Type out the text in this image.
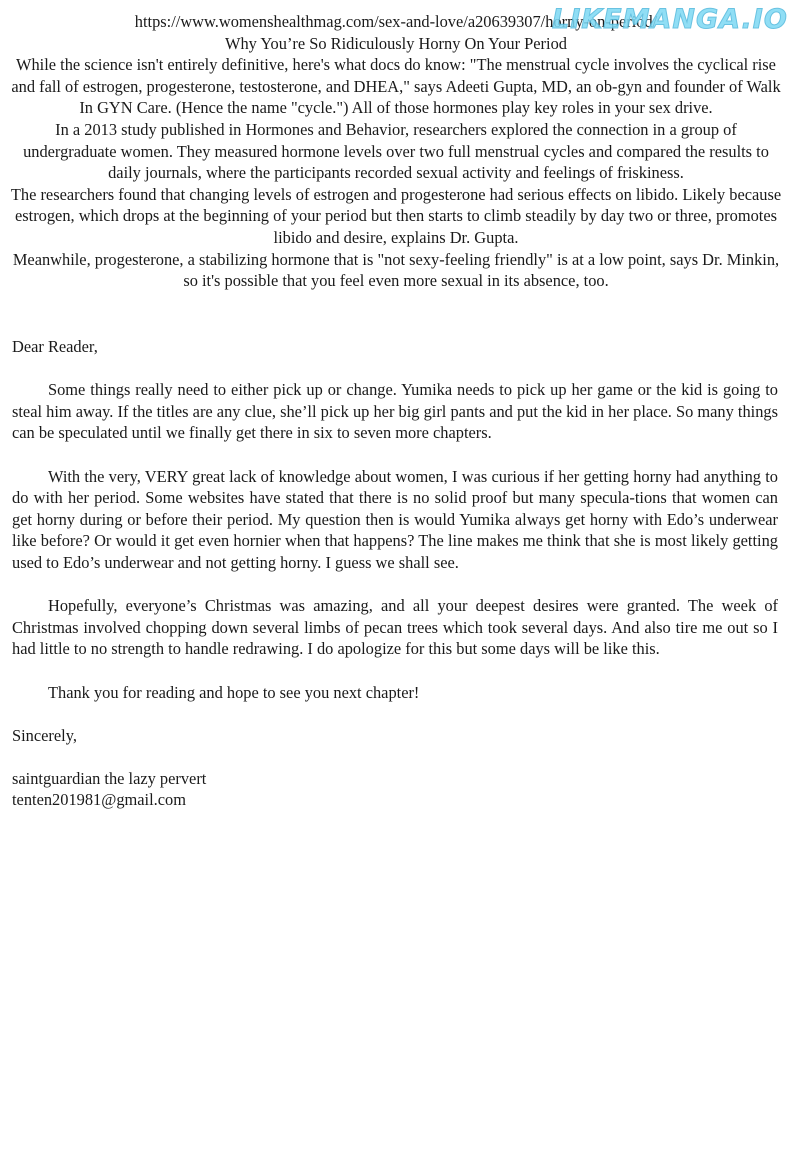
https://www.womenshealthmag.com/sex-and-love/a20639307/horny-on-period/

Why You’re So Ridiculously Horny On Your Period

While the science isn't entirely definitive, here's what docs do know: "The menstrual cycle involves the cyclical rise and fall of estrogen, progesterone, testosterone, and DHEA," says Adeeti Gupta, MD, an ob-gyn and founder of Walk In GYN Care. (Hence the name "cycle.") All of those hormones play key roles in your sex drive.

In a 2013 study published in Hormones and Behavior, researchers explored the connection in a group of undergraduate women. They measured hormone levels over two full menstrual cycles and compared the results to daily journals, where the participants recorded sexual activity and feelings of friskiness.

The researchers found that changing levels of estrogen and progesterone had serious effects on libido. Likely because estrogen, which drops at the beginning of your period but then starts to climb steadily by day two or three, promotes libido and desire, explains Dr. Gupta.

Meanwhile, progesterone, a stabilizing hormone that is "not sexy-feeling friendly" is at a low point, says Dr. Minkin, so it's possible that you feel even more sexual in its absence, too.

Dear Reader,

Some things really need to either pick up or change. Yumika needs to pick up her game or the kid is going to steal him away. If the titles are any clue, she’ll pick up her big girl pants and put the kid in her place. So many things can be speculated until we finally get there in six to seven more chapters.

With the very, VERY great lack of knowledge about women, I was curious if her getting horny had anything to do with her period. Some websites have stated that there is no solid proof but many specula-tions that women can get horny during or before their period. My question then is would Yumika always get horny with Edo’s underwear like before? Or would it get even hornier when that happens? The line makes me think that she is most likely getting used to Edo’s underwear and not getting horny. I guess we shall see.

Hopefully, everyone’s Christmas was amazing, and all your deepest desires were granted. The week of Christmas involved chopping down several limbs of pecan trees which took several days. And also tire me out so I had little to no strength to handle redrawing. I do apologize for this but some days will be like this.

Thank you for reading and hope to see you next chapter!

Sincerely,

saintguardian the lazy pervert

tenten201981@gmail.com

LIKEMANGA.IO
